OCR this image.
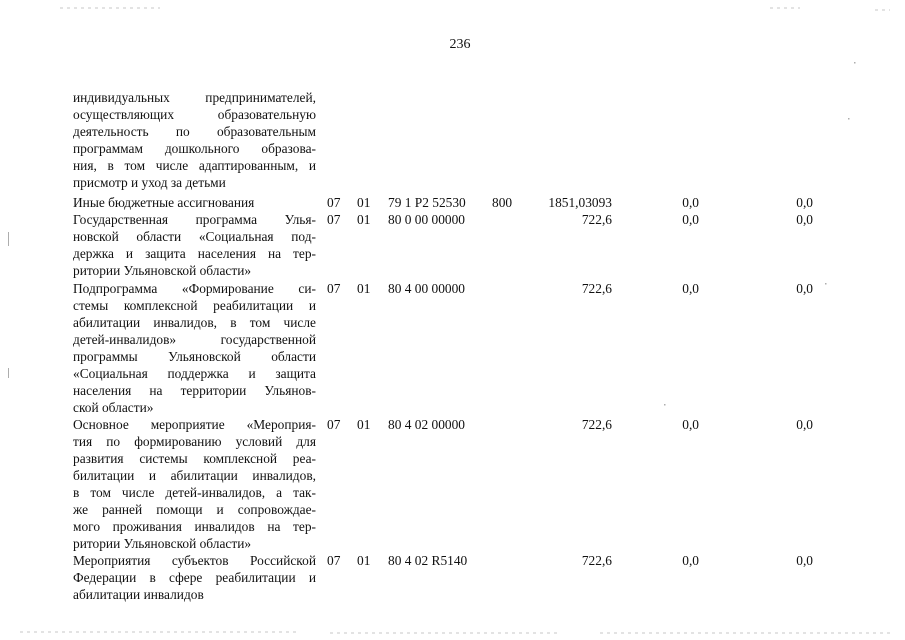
236
индивидуальных предпринимателей,
осуществляющих образовательную
деятельность по образовательным
программам дошкольного образова-
ния, в том числе адаптированным, и
присмотр и уход за детьми
Иные бюджетные ассигнования	07 01 79 1 P2 52530 800	1851,03093	0,0	0,0
Государственная программа Улья-
новской области «Социальная под-
держка и защита населения на тер-
ритории Ульяновской области»
07 01 80 0 00 00000	722,6	0,0	0,0
Подпрограмма «Формирование си-
стемы комплексной реабилитации и
абилитации инвалидов, в том числе
детей-инвалидов» государственной
программы Ульяновской области
«Социальная поддержка и защита
населения на территории Ульянов-
ской области»
07 01 80 4 00 00000	722,6	0,0	0,0
Основное мероприятие «Мероприя-
тия по формированию условий для
развития системы комплексной реа-
билитации и абилитации инвалидов,
в том числе детей-инвалидов, а так-
же ранней помощи и сопровождае-
мого проживания инвалидов на тер-
ритории Ульяновской области»
07 01 80 4 02 00000	722,6	0,0	0,0
Мероприятия субъектов Российской
Федерации в сфере реабилитации и
абилитации инвалидов
07 01 80 4 02 R5140	722,6	0,0	0,0
